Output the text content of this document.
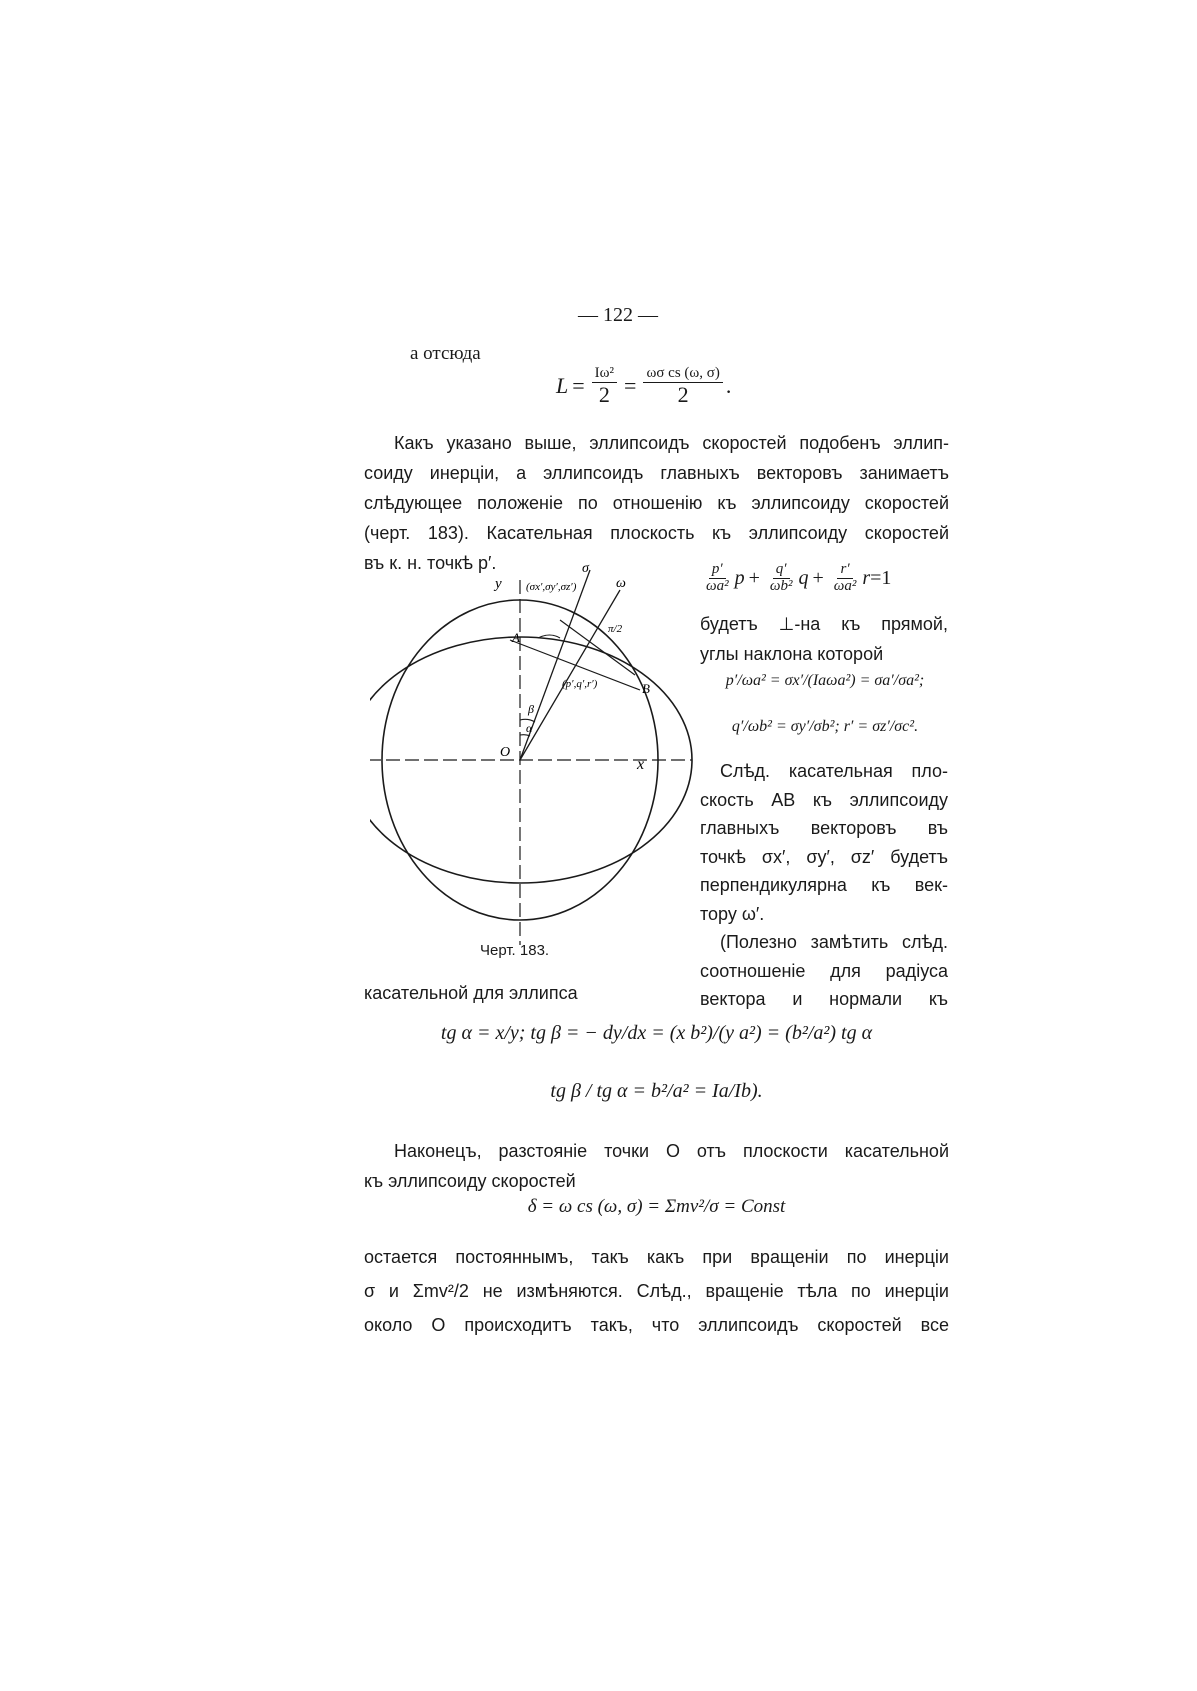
— 122 —
а отсюда
$L = \frac{\text{Iω²}}{2} = \frac{\text{ωσ cs (ω, σ)}}{2}$ .
Какъ указано выше, эллипсоидъ скоростей подобенъ эллип-
соиду инерціи, а эллипсоидъ главныхъ векторовъ занимаетъ
слѣдующее положеніе по отношенію къ эллипсоиду скоростей
(черт. 183). Касательная плоскость къ эллипсоиду скоростей
въ к. н. точкѣ p′.
y
x
O
A
B
σ
ω
α
β
π/2
(σx′,σy′,σz′)
(p′,q′,r′)
Черт. 183.
$\frac{p'}{\text{ωa²}}$ $p + \frac{q'}{\text{ωb²}}$ $q + \frac{r'}{\text{ωa²}}$ r =1
будетъ ⊥-на къ прямой,
углы наклона которой
p′/ωa² = σx′/(Iaωa²) = σa′/σa²;
q′/ωb² = σy′/σb²; r′ = σz′/σc².
Слѣд. касательная пло-
скость AB къ эллипсоиду
главныхъ векторовъ въ
точкѣ σx′, σy′, σz′ будетъ
перпендикулярна къ век-
тору ω′.
(Полезно замѣтить слѣд.
соотношеніе для радіуса
вектора и нормали къ
касательной для эллипса
tg α = x/y; tg β = − dy/dx = (x b²)/(y a²) = (b²/a²) tg α
tg β / tg α = b²/a² = Ia/Ib).
Наконецъ, разстояніе точки O отъ плоскости касательной
къ эллипсоиду скоростей
δ = ω cs (ω, σ) = Σmv²/σ = Const
остается постояннымъ, такъ какъ при вращеніи по инерціи
σ и Σmv²/2 не измѣняются. Слѣд., вращеніе тѣла по инерціи
около O происходитъ такъ, что эллипсоидъ скоростей все
